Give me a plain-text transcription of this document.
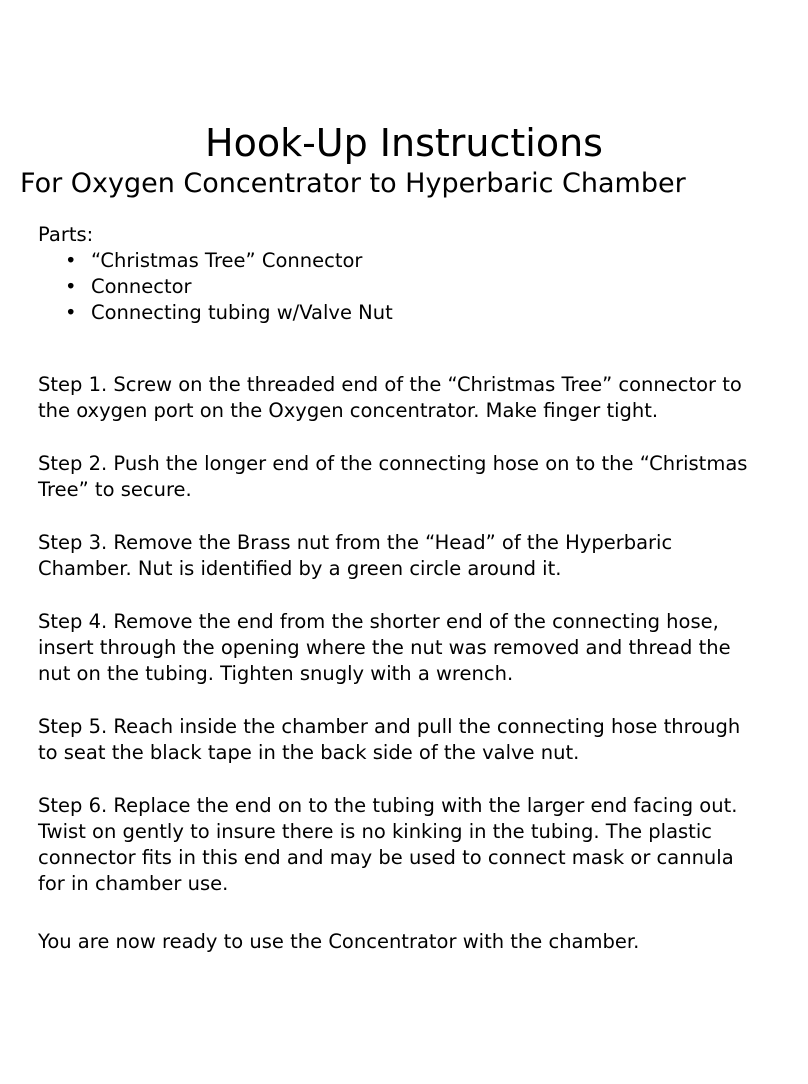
Hook-Up Instructions
For Oxygen Concentrator to Hyperbaric Chamber

Parts:

• “Christmas Tree” Connector
• Connector
• Connecting tubing w/Valve Nut

Step 1. Screw on the threaded end of the “Christmas Tree” connector to
the oxygen port on the Oxygen concentrator. Make finger tight.

Step 2. Push the longer end of the connecting hose on to the “Christmas
Tree” to secure.

Step 3. Remove the Brass nut from the “Head” of the Hyperbaric
Chamber. Nut is identified by a green circle around it.

Step 4. Remove the end from the shorter end of the connecting hose,
insert through the opening where the nut was removed and thread the
nut on the tubing. Tighten snugly with a wrench.

Step 5. Reach inside the chamber and pull the connecting hose through
to seat the black tape in the back side of the valve nut.

Step 6. Replace the end on to the tubing with the larger end facing out.
Twist on gently to insure there is no kinking in the tubing. The plastic
connector fits in this end and may be used to connect mask or cannula
for in chamber use.

You are now ready to use the Concentrator with the chamber.
